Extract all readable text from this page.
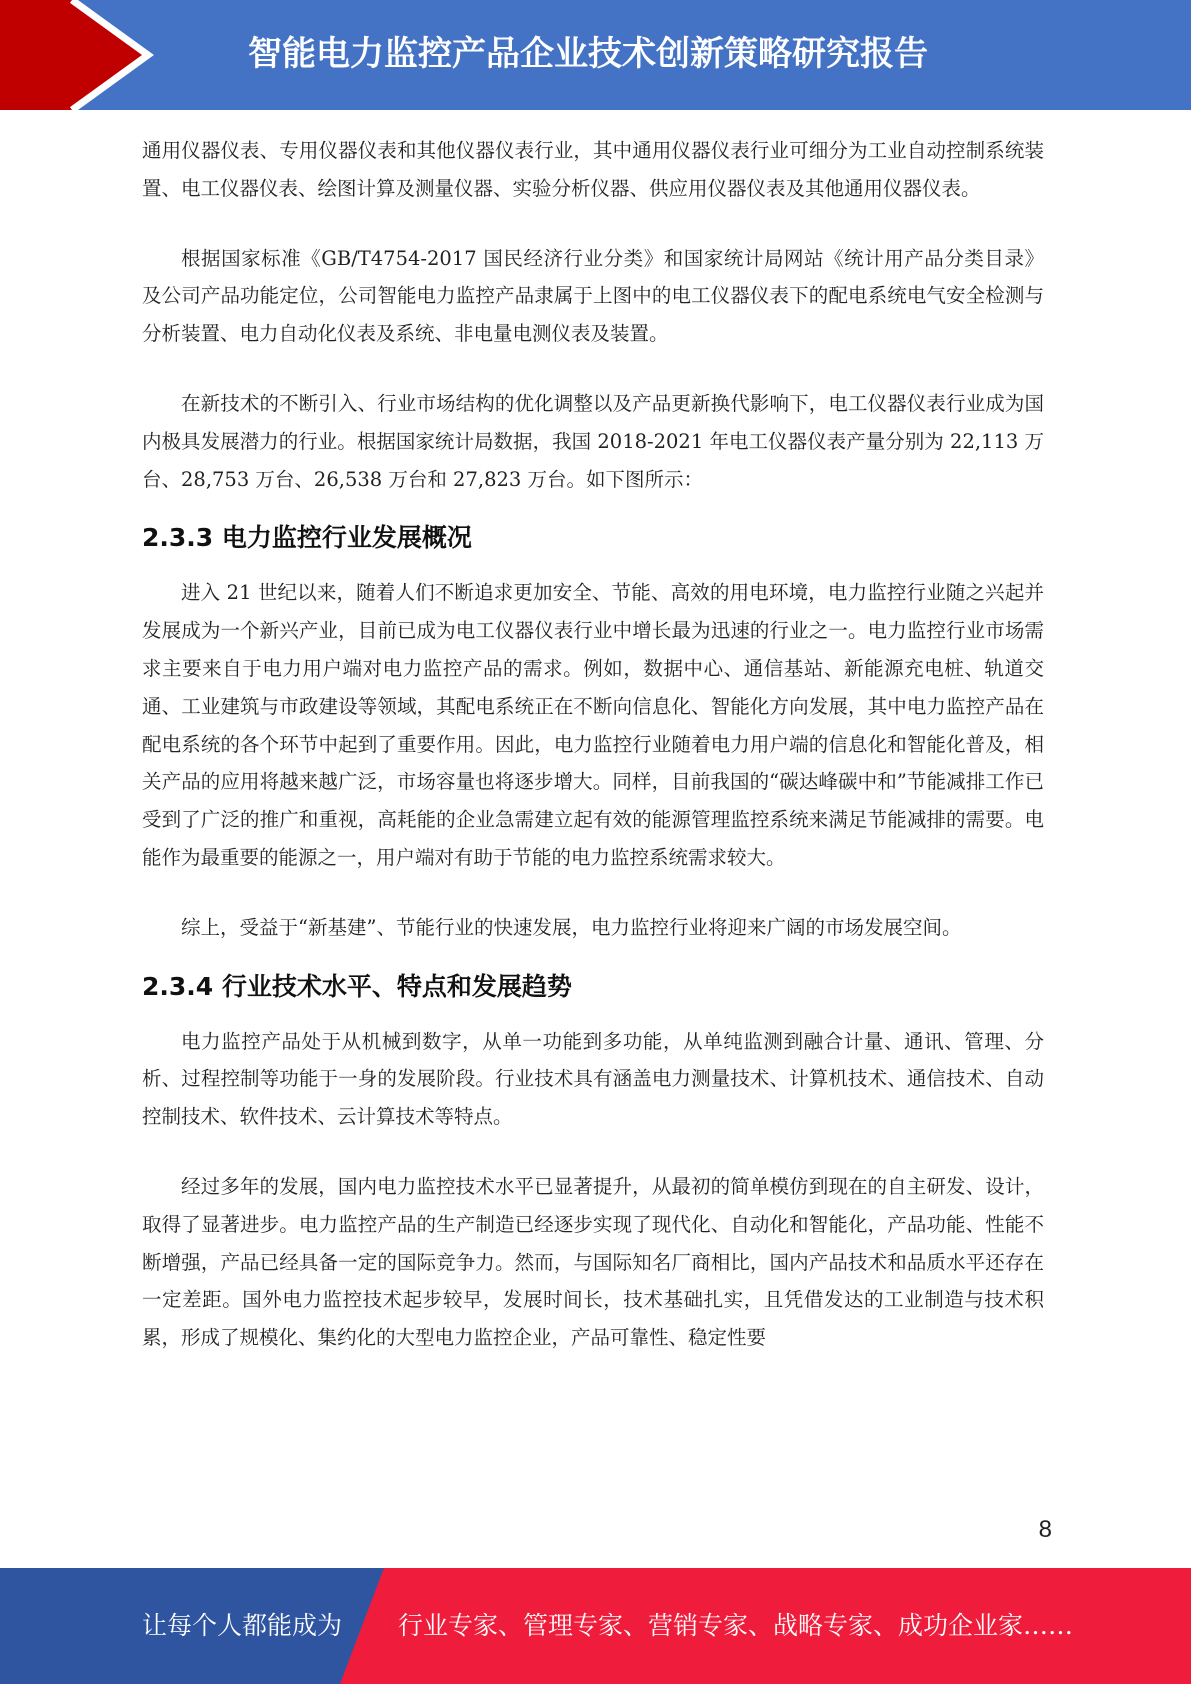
智能电力监控产品企业技术创新策略研究报告

通用仪器仪表、专用仪器仪表和其他仪器仪表行业，其中通用仪器仪表行业可细分为工业自动控制系统装置、电工仪器仪表、绘图计算及测量仪器、实验分析仪器、供应用仪器仪表及其他通用仪器仪表。

根据国家标准《GB/T4754-2017 国民经济行业分类》和国家统计局网站《统计用产品分类目录》及公司产品功能定位，公司智能电力监控产品隶属于上图中的电工仪器仪表下的配电系统电气安全检测与分析装置、电力自动化仪表及系统、非电量电测仪表及装置。

在新技术的不断引入、行业市场结构的优化调整以及产品更新换代影响下，电工仪器仪表行业成为国内极具发展潜力的行业。根据国家统计局数据，我国 2018-2021 年电工仪器仪表产量分别为 22,113 万台、28,753 万台、26,538 万台和 27,823 万台。如下图所示：

2.3.3 电力监控行业发展概况

进入 21 世纪以来，随着人们不断追求更加安全、节能、高效的用电环境，电力监控行业随之兴起并发展成为一个新兴产业，目前已成为电工仪器仪表行业中增长最为迅速的行业之一。电力监控行业市场需求主要来自于电力用户端对电力监控产品的需求。例如，数据中心、通信基站、新能源充电桩、轨道交通、工业建筑与市政建设等领域，其配电系统正在不断向信息化、智能化方向发展，其中电力监控产品在配电系统的各个环节中起到了重要作用。因此，电力监控行业随着电力用户端的信息化和智能化普及，相关产品的应用将越来越广泛，市场容量也将逐步增大。同样，目前我国的“碳达峰碳中和”节能减排工作已受到了广泛的推广和重视，高耗能的企业急需建立起有效的能源管理监控系统来满足节能减排的需要。电能作为最重要的能源之一，用户端对有助于节能的电力监控系统需求较大。

综上，受益于“新基建”、节能行业的快速发展，电力监控行业将迎来广阔的市场发展空间。

2.3.4 行业技术水平、特点和发展趋势

电力监控产品处于从机械到数字，从单一功能到多功能，从单纯监测到融合计量、通讯、管理、分析、过程控制等功能于一身的发展阶段。行业技术具有涵盖电力测量技术、计算机技术、通信技术、自动控制技术、软件技术、云计算技术等特点。

经过多年的发展，国内电力监控技术水平已显著提升，从最初的简单模仿到现在的自主研发、设计，取得了显著进步。电力监控产品的生产制造已经逐步实现了现代化、自动化和智能化，产品功能、性能不断增强，产品已经具备一定的国际竞争力。然而，与国际知名厂商相比，国内产品技术和品质水平还存在一定差距。国外电力监控技术起步较早，发展时间长，技术基础扎实，且凭借发达的工业制造与技术积累，形成了规模化、集约化的大型电力监控企业，产品可靠性、稳定性要

8
让每个人都能成为 行业专家、管理专家、营销专家、战略专家、成功企业家……
